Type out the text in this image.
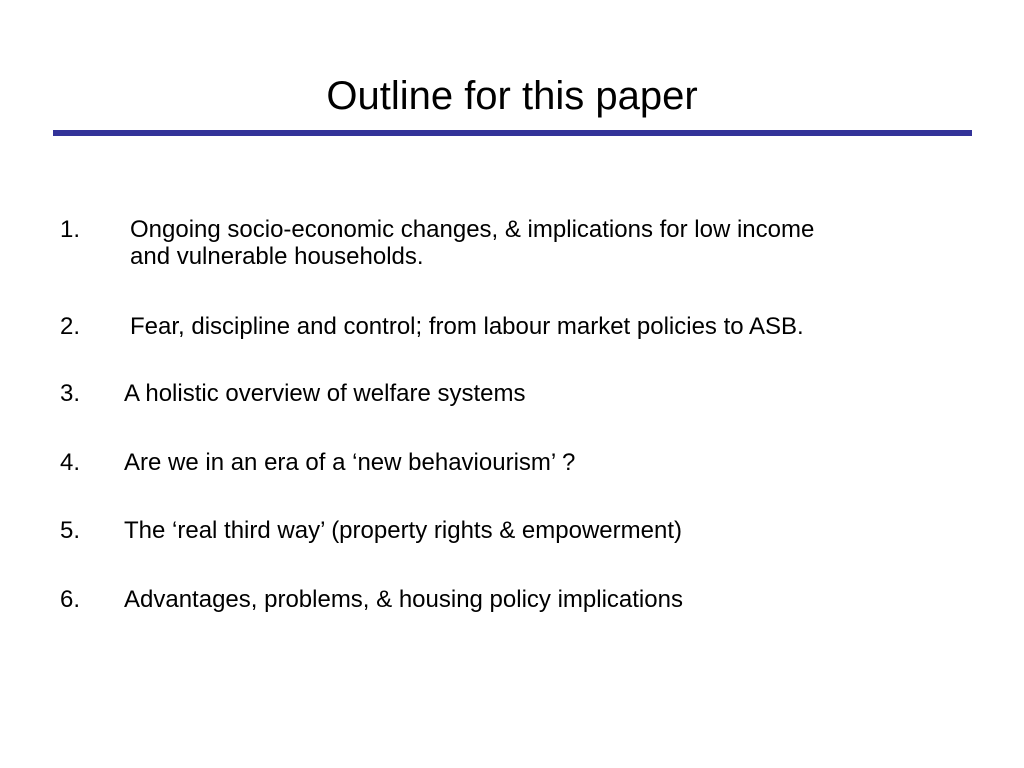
Outline for this paper
1. Ongoing socio-economic changes, & implications for low income
and vulnerable households.
2. Fear, discipline and control; from labour market policies to ASB.
3. A holistic overview of welfare systems
4. Are we in an era of a ‘new behaviourism’ ?
5. The ‘real third way’ (property rights & empowerment)
6. Advantages, problems, & housing policy implications
